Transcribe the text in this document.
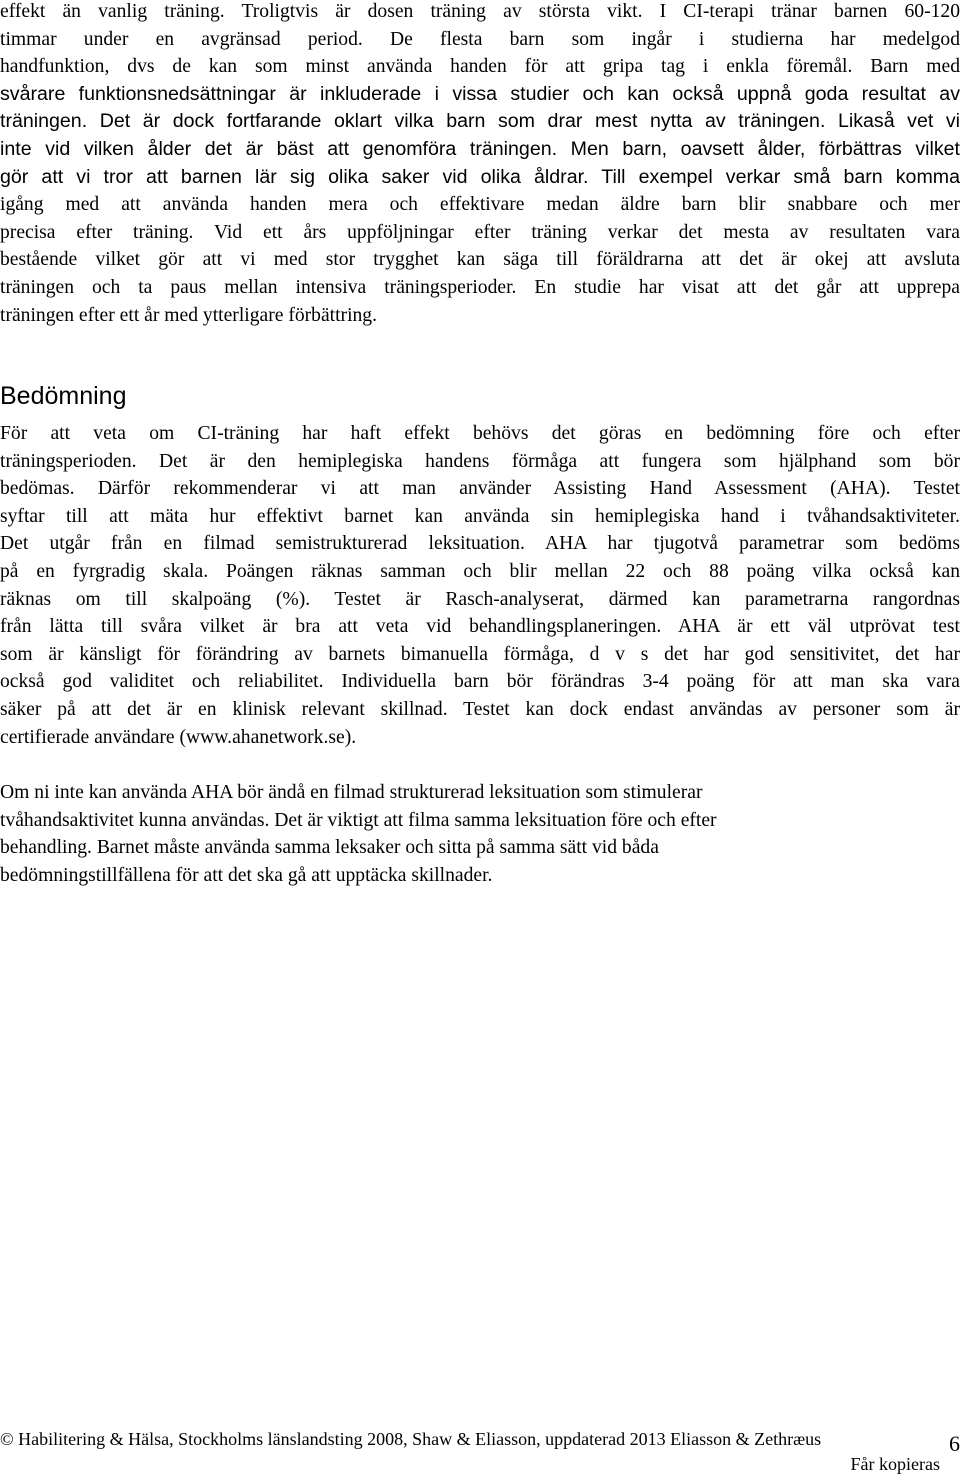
effekt än vanlig träning. Troligtvis är dosen träning av största vikt. I CI-terapi tränar barnen 60-120
timmar under en avgränsad period. De flesta barn som ingår i studierna har medelgod
handfunktion, dvs de kan som minst använda handen för att gripa tag i enkla föremål. Barn med
svårare funktionsnedsättningar är inkluderade i vissa studier och kan också uppnå goda resultat av
träningen. Det är dock fortfarande oklart vilka barn som drar mest nytta av träningen. Likaså vet vi
inte vid vilken ålder det är bäst att genomföra träningen. Men barn, oavsett ålder, förbättras vilket
gör att vi tror att barnen lär sig olika saker vid olika åldrar. Till exempel verkar små barn komma
igång med att använda handen mera och effektivare medan äldre barn blir snabbare och mer
precisa efter träning. Vid ett års uppföljningar efter träning verkar det mesta av resultaten vara
bestående vilket gör att vi med stor trygghet kan säga till föräldrarna att det är okej att avsluta
träningen och ta paus mellan intensiva träningsperioder. En studie har visat att det går att upprepa
träningen efter ett år med ytterligare förbättring.
Bedömning
För att veta om CI-träning har haft effekt behövs det göras en bedömning före och efter
träningsperioden. Det är den hemiplegiska handens förmåga att fungera som hjälphand som bör
bedömas. Därför rekommenderar vi att man använder Assisting Hand Assessment (AHA). Testet
syftar till att mäta hur effektivt barnet kan använda sin hemiplegiska hand i tvåhandsaktiviteter.
Det utgår från en filmad semistrukturerad leksituation. AHA har tjugotvå parametrar som bedöms
på en fyrgradig skala. Poängen räknas samman och blir mellan 22 och 88 poäng vilka också kan
räknas om till skalpoäng (%). Testet är Rasch-analyserat, därmed kan parametrarna rangordnas
från lätta till svåra vilket är bra att veta vid behandlingsplaneringen. AHA är ett väl utprövat test
som är känsligt för förändring av barnets bimanuella förmåga, d v s det har god sensitivitet, det har
också god validitet och reliabilitet. Individuella barn bör förändras 3-4 poäng för att man ska vara
säker på att det är en klinisk relevant skillnad. Testet kan dock endast användas av personer som är
certifierade användare (www.ahanetwork.se).
Om ni inte kan använda AHA bör ändå en filmad strukturerad leksituation som stimulerar
tvåhandsaktivitet kunna användas. Det är viktigt att filma samma leksituation före och efter
behandling. Barnet måste använda samma leksaker och sitta på samma sätt vid båda
bedömningstillfällena för att det ska gå att upptäcka skillnader.
© Habilitering & Hälsa, Stockholms länslandsting 2008, Shaw & Eliasson, uppdaterad 2013 Eliasson & Zethræus
Får kopieras
6
